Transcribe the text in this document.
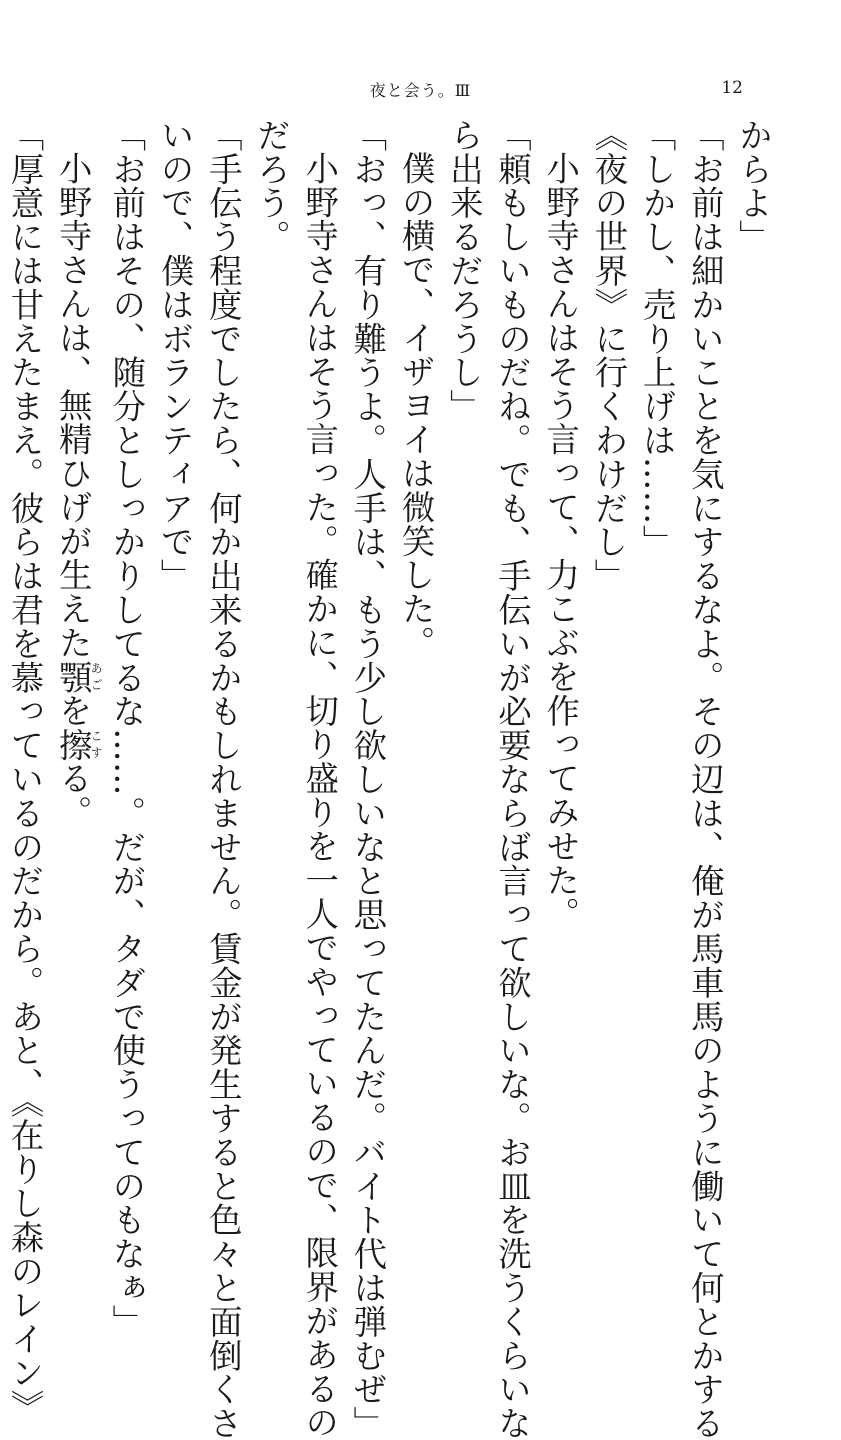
夜と会う。Ⅲ	12
からよ」
「お前は細かいことを気にするなよ。その辺は、俺が馬車馬のように働いて何とかする
「しかし、売り上げは……」
《夜の世界》に行くわけだし」
小野寺さんはそう言って、力こぶを作ってみせた。
「頼もしいものだね。でも、手伝いが必要ならば言って欲しいな。お皿を洗うくらいな
ら出来るだろうし」
僕の横で、イザヨイは微笑した。
「おっ、有り難うよ。人手は、もう少し欲しいなと思ってたんだ。バイト代は弾むぜ」
小野寺さんはそう言った。確かに、切り盛りを一人でやっているので、限界があるの
だろう。
「手伝う程度でしたら、何か出来るかもしれません。賃金が発生すると色々と面倒くさ
いので、僕はボランティアで」
「お前はその、随分としっかりしてるな……。だが、タダで使うってのもなぁ」
小野寺さんは、無精ひげが生えた顎あごを擦こする。
「厚意には甘えたまえ。彼らは君を慕っているのだから。あと、《在りし森のレイン》
